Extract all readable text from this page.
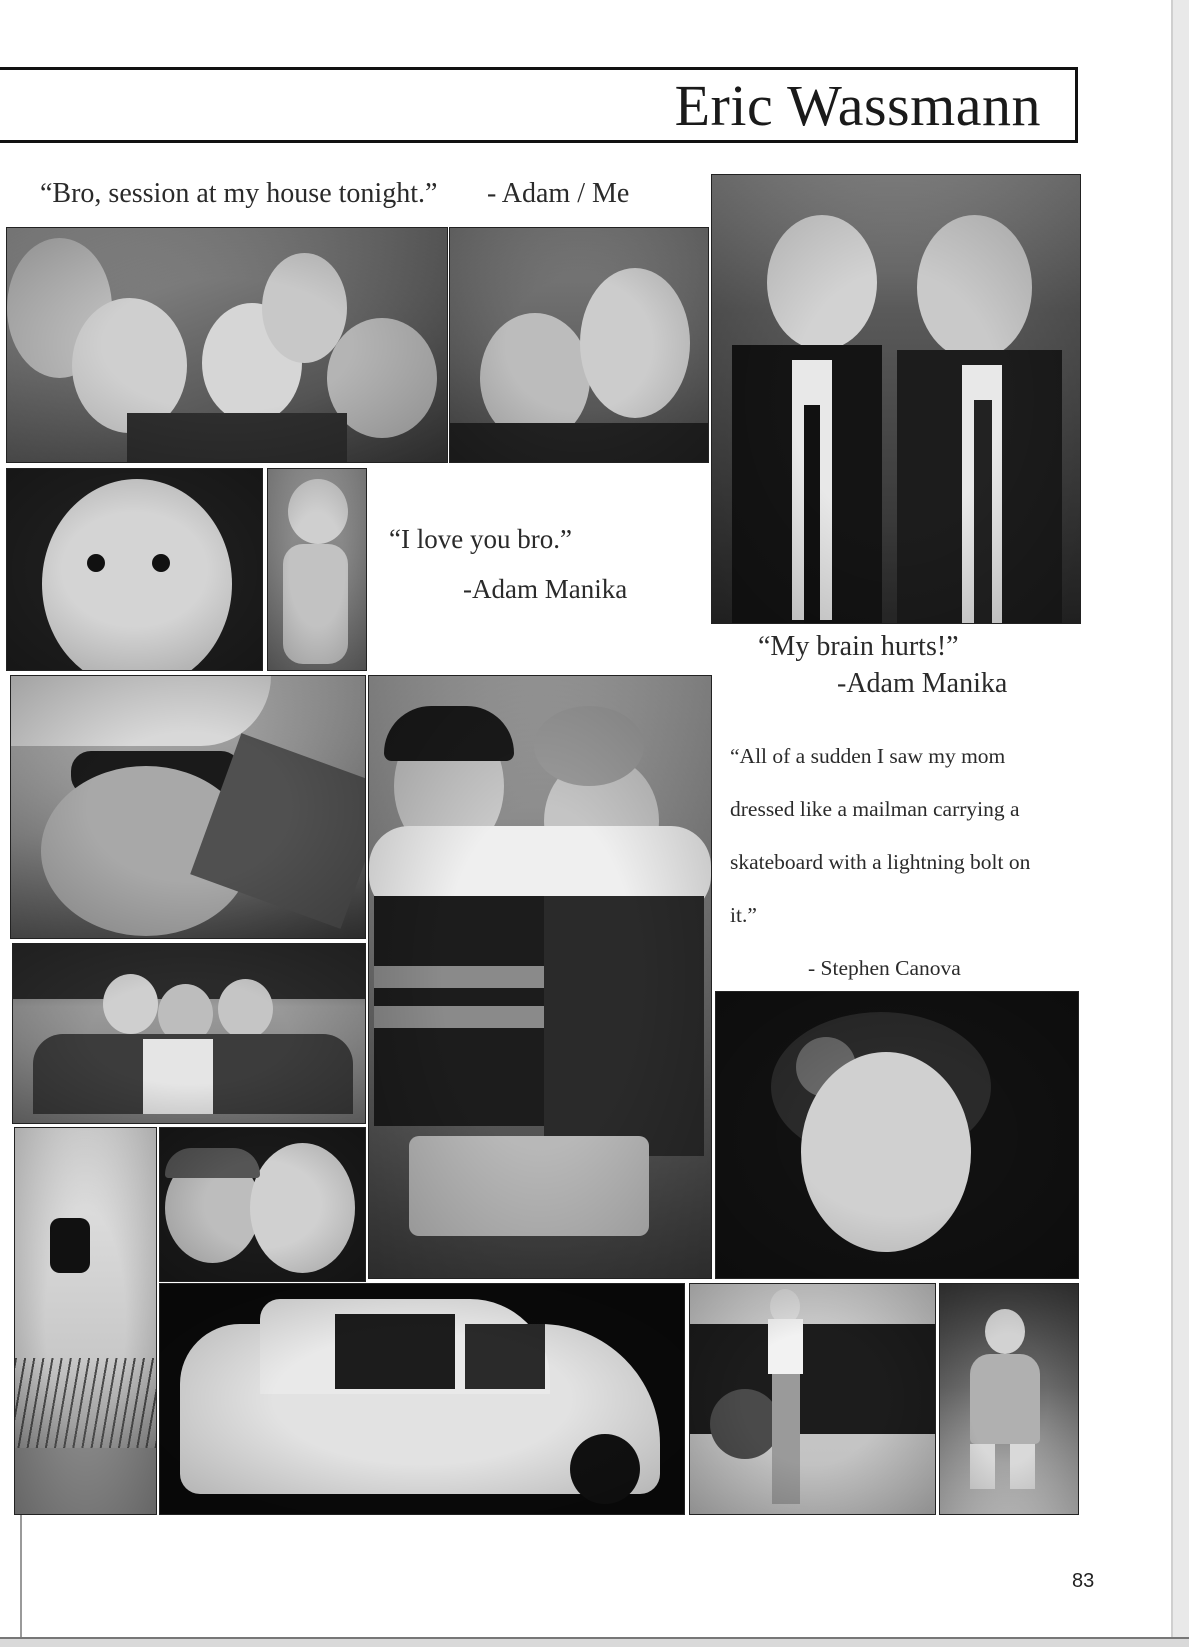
Eric Wassmann
“Bro, session at my house tonight.” - Adam / Me
“I love you bro.”
-Adam Manika
“My brain hurts!”
-Adam Manika
“All of a sudden I saw my mom
dressed like a mailman carrying a
skateboard with a lightning bolt on
it.”
- Stephen Canova
83
